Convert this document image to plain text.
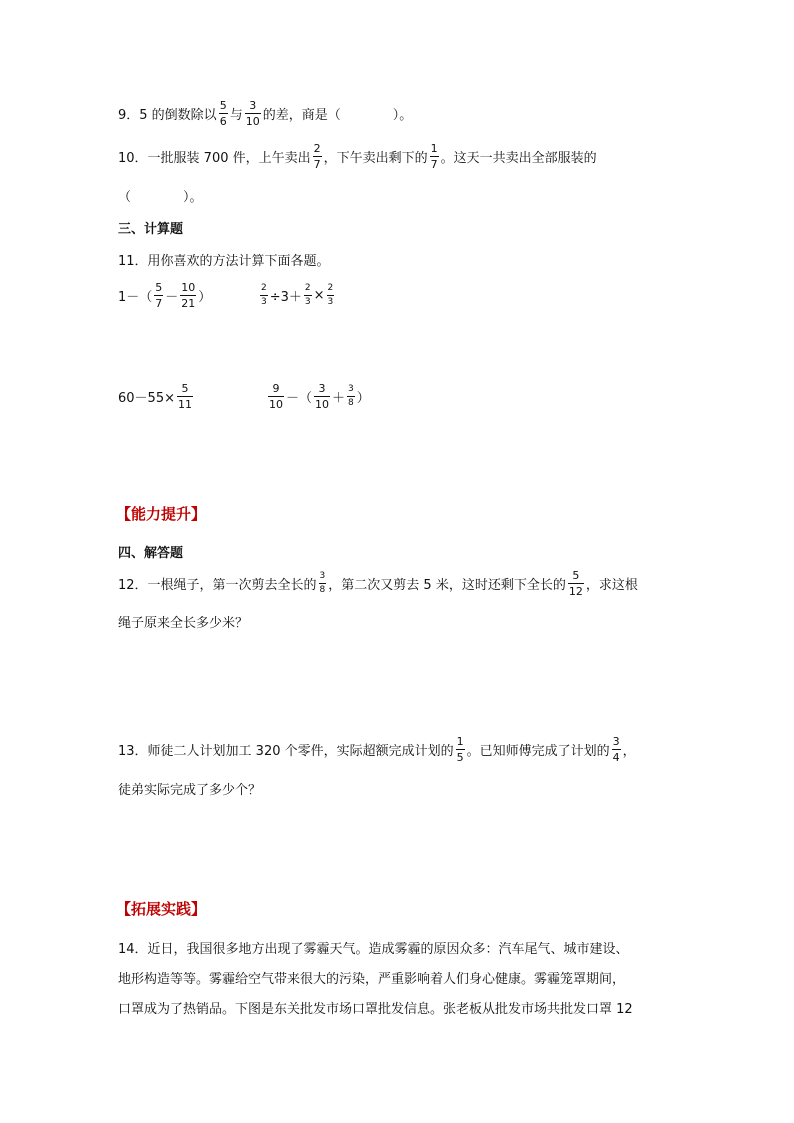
9．5 的倒数除以 $\frac{5}{6}$ 与 $\frac{3}{10}$ 的差，商是（　　　　）。
10．一批服装 700 件，上午卖出 $\frac{2}{7}$ ，下午卖出剩下的 $\frac{1}{7}$ 。这天一共卖出全部服装的
（　　　　）。
三、计算题
11．用你喜欢的方法计算下面各题。
$1-( \frac{5}{7} - \frac{10}{21}$ ）	$\frac{2}{3} \div 3+ \frac{2}{3} \times \frac{2}{3}$
$60-55\times \frac{5}{11}$	$\frac{9}{10}$ －（ $\frac{3}{10} + \frac{3}{8}$ ）
【能力提升】
四、解答题
12．一根绳子，第一次剪去全长的 $\frac{3}{8}$ ，第二次又剪去 5 米，这时还剩下全长的 $\frac{5}{12}$ ，求这根
绳子原来全长多少米？
13．师徒二人计划加工 320 个零件，实际超额完成计划的 $\frac{1}{5}$ 。已知师傅完成了计划的 $\frac{3}{4}$ ，
徒弟实际完成了多少个？
【拓展实践】
14．近日，我国很多地方出现了雾霾天气。造成雾霾的原因众多：汽车尾气、城市建设、
地形构造等等。雾霾给空气带来很大的污染，严重影响着人们身心健康。雾霾笼罩期间，
口罩成为了热销品。下图是东关批发市场口罩批发信息。张老板从批发市场共批发口罩 12
